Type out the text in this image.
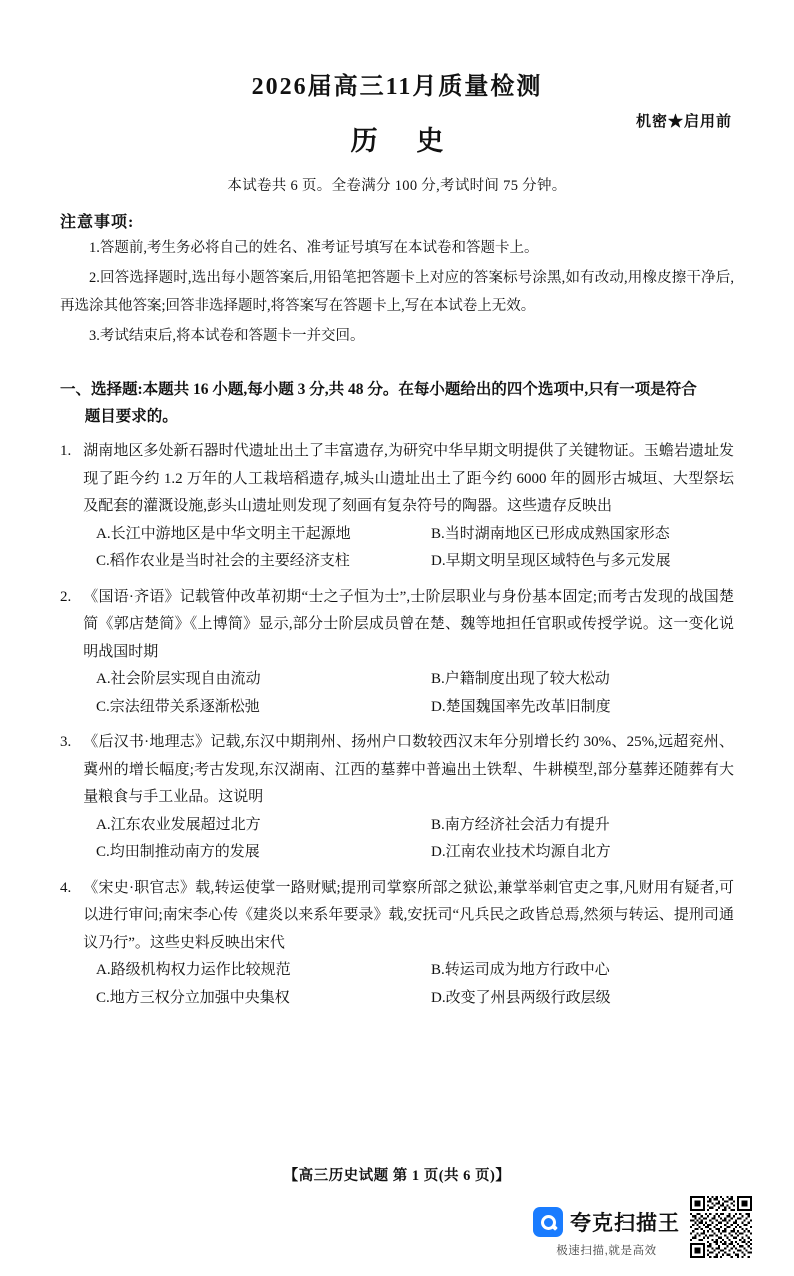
机密★启用前
2026届高三11月质量检测
历 史
本试卷共 6 页。全卷满分 100 分,考试时间 75 分钟。
注意事项:
1.答题前,考生务必将自己的姓名、准考证号填写在本试卷和答题卡上。
2.回答选择题时,选出每小题答案后,用铅笔把答题卡上对应的答案标号涂黑,如有改动,用橡皮擦干净后,再选涂其他答案;回答非选择题时,将答案写在答题卡上,写在本试卷上无效。
3.考试结束后,将本试卷和答题卡一并交回。
一、选择题:本题共 16 小题,每小题 3 分,共 48 分。在每小题给出的四个选项中,只有一项是符合
题目要求的。
1. 湖南地区多处新石器时代遗址出土了丰富遗存,为研究中华早期文明提供了关键物证。玉蟾岩遗址发现了距今约 1.2 万年的人工栽培稻遗存,城头山遗址出土了距今约 6000 年的圆形古城垣、大型祭坛及配套的灌溉设施,彭头山遗址则发现了刻画有复杂符号的陶器。这些遗存反映出
A.长江中游地区是中华文明主干起源地	B.当时湖南地区已形成成熟国家形态
C.稻作农业是当时社会的主要经济支柱	D.早期文明呈现区域特色与多元发展
2. 《国语·齐语》记载管仲改革初期“士之子恒为士”,士阶层职业与身份基本固定;而考古发现的战国楚简《郭店楚简》《上博简》显示,部分士阶层成员曾在楚、魏等地担任官职或传授学说。这一变化说明战国时期
A.社会阶层实现自由流动	B.户籍制度出现了较大松动
C.宗法纽带关系逐渐松弛	D.楚国魏国率先改革旧制度
3. 《后汉书·地理志》记载,东汉中期荆州、扬州户口数较西汉末年分别增长约 30%、25%,远超兖州、冀州的增长幅度;考古发现,东汉湖南、江西的墓葬中普遍出土铁犁、牛耕模型,部分墓葬还随葬有大量粮食与手工业品。这说明
A.江东农业发展超过北方	B.南方经济社会活力有提升
C.均田制推动南方的发展	D.江南农业技术均源自北方
4. 《宋史·职官志》载,转运使掌一路财赋;提刑司掌察所部之狱讼,兼掌举刺官吏之事,凡财用有疑者,可以进行审问;南宋李心传《建炎以来系年要录》载,安抚司“凡兵民之政皆总焉,然须与转运、提刑司通议乃行”。这些史料反映出宋代
A.路级机构权力运作比较规范	B.转运司成为地方行政中心
C.地方三权分立加强中央集权	D.改变了州县两级行政层级
【高三历史试题 第 1 页(共 6 页)】
夸克扫描王
极速扫描,就是高效
